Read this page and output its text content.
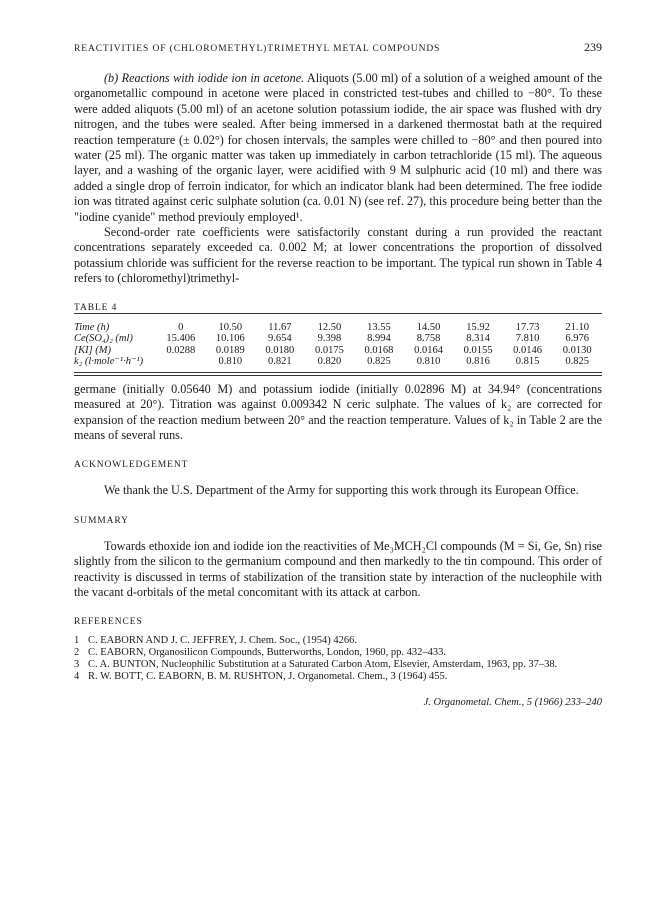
REACTIVITIES OF (CHLOROMETHYL)TRIMETHYL METAL COMPOUNDS	239

(b) Reactions with iodide ion in acetone. Aliquots (5.00 ml) of a solution of a weighed amount of the organometallic compound in acetone were placed in constricted test-tubes and chilled to −80°. To these were added aliquots (5.00 ml) of an acetone solution potassium iodide, the air space was flushed with dry nitrogen, and the tubes were sealed. After being immersed in a darkened thermostat bath at the required reaction temperature (± 0.02°) for chosen intervals, the samples were chilled to −80° and then poured into water (25 ml). The organic matter was taken up immediately in carbon tetrachloride (15 ml). The aqueous layer, and a washing of the organic layer, were acidified with 9 M sulphuric acid (10 ml) and there was added a single drop of ferroin indicator, for which an indicator blank had been determined. The free iodide ion was titrated against ceric sulphate solution (ca. 0.01 N) (see ref. 27), this procedure being better than the "iodine cyanide" method previouly employed¹.

Second-order rate coefficients were satisfactorily constant during a run provided the reactant concentrations separately exceeded ca. 0.002 M; at lower concentrations the proportion of dissolved potassium chloride was sufficient for the reverse reaction to be important. The typical run shown in Table 4 refers to (chloromethyl)trimethyl-

TABLE 4
Time (h)	0	10.50	11.67	12.50	13.55	14.50	15.92	17.73	21.10
Ce(SO₄)₂ (ml)	15.406	10.106	9.654	9.398	8.994	8.758	8.314	7.810	6.976
[KI] (M)	0.0288	0.0189	0.0180	0.0175	0.0168	0.0164	0.0155	0.0146	0.0130
k₂ (l·mole⁻¹·h⁻¹)		0.810	0.821	0.820	0.825	0.810	0.816	0.815	0.825

germane (initially 0.05640 M) and potassium iodide (initially 0.02896 M) at 34.94° (concentrations measured at 20°). Titration was against 0.009342 N ceric sulphate. The values of k₂ are corrected for expansion of the reaction medium between 20° and the reaction temperature. Values of k₂ in Table 2 are the means of several runs.

ACKNOWLEDGEMENT

We thank the U.S. Department of the Army for supporting this work through its European Office.

SUMMARY

Towards ethoxide ion and iodide ion the reactivities of Me₃MCH₂Cl compounds (M = Si, Ge, Sn) rise slightly from the silicon to the germanium compound and then markedly to the tin compound. This order of reactivity is discussed in terms of stabilization of the transition state by interaction of the nucleophile with the vacant d-orbitals of the metal concomitant with its attack at carbon.

REFERENCES
1 C. EABORN AND J. C. JEFFREY, J. Chem. Soc., (1954) 4266.
2 C. EABORN, Organosilicon Compounds, Butterworths, London, 1960, pp. 432–433.
3 C. A. BUNTON, Nucleophilic Substitution at a Saturated Carbon Atom, Elsevier, Amsterdam, 1963, pp. 37–38.
4 R. W. BOTT, C. EABORN, B. M. RUSHTON, J. Organometal. Chem., 3 (1964) 455.
J. Organometal. Chem., 5 (1966) 233–240
